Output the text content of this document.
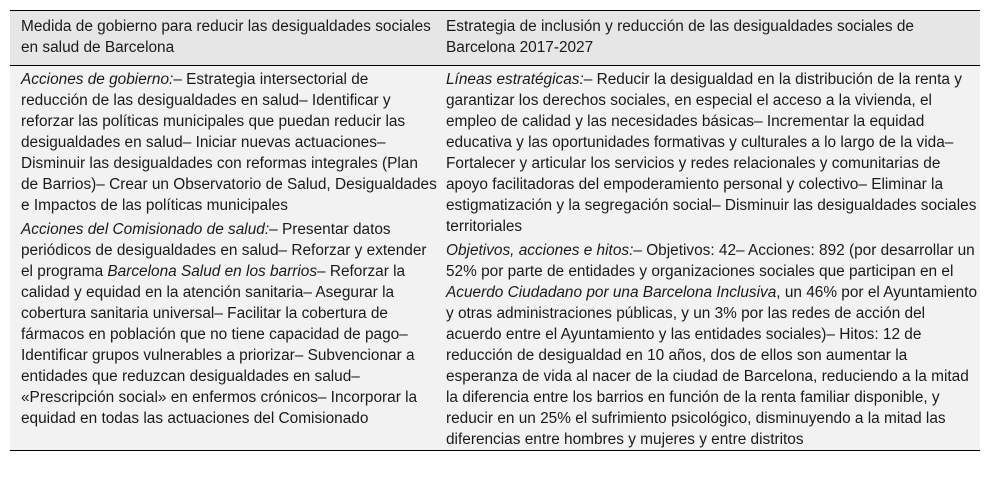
Medida de gobierno para reducir las desigualdades sociales en salud de Barcelona
Estrategia de inclusión y reducción de las desigualdades sociales de Barcelona 2017-2027

Acciones de gobierno:– Estrategia intersectorial de reducción de las desigualdades en salud– Identificar y reforzar las políticas municipales que puedan reducir las desigualdades en salud– Iniciar nuevas actuaciones– Disminuir las desigualdades con reformas integrales (Plan de Barrios)– Crear un Observatorio de Salud, Desigualdades e Impactos de las políticas municipales

Acciones del Comisionado de salud:– Presentar datos periódicos de desigualdades en salud– Reforzar y extender el programa Barcelona Salud en los barrios– Reforzar la calidad y equidad en la atención sanitaria– Asegurar la cobertura sanitaria universal– Facilitar la cobertura de fármacos en población que no tiene capacidad de pago– Identificar grupos vulnerables a priorizar– Subvencionar a entidades que reduzcan desigualdades en salud– «Prescripción social» en enfermos crónicos– Incorporar la equidad en todas las actuaciones del Comisionado

Líneas estratégicas:– Reducir la desigualdad en la distribución de la renta y garantizar los derechos sociales, en especial el acceso a la vivienda, el empleo de calidad y las necesidades básicas– Incrementar la equidad educativa y las oportunidades formativas y culturales a lo largo de la vida– Fortalecer y articular los servicios y redes relacionales y comunitarias de apoyo facilitadoras del empoderamiento personal y colectivo– Eliminar la estigmatización y la segregación social– Disminuir las desigualdades sociales territoriales

Objetivos, acciones e hitos:– Objetivos: 42– Acciones: 892 (por desarrollar un 52% por parte de entidades y organizaciones sociales que participan en el Acuerdo Ciudadano por una Barcelona Inclusiva, un 46% por el Ayuntamiento y otras administraciones públicas, y un 3% por las redes de acción del acuerdo entre el Ayuntamiento y las entidades sociales)– Hitos: 12 de reducción de desigualdad en 10 años, dos de ellos son aumentar la esperanza de vida al nacer de la ciudad de Barcelona, reduciendo a la mitad la diferencia entre los barrios en función de la renta familiar disponible, y reducir en un 25% el sufrimiento psicológico, disminuyendo a la mitad las diferencias entre hombres y mujeres y entre distritos
